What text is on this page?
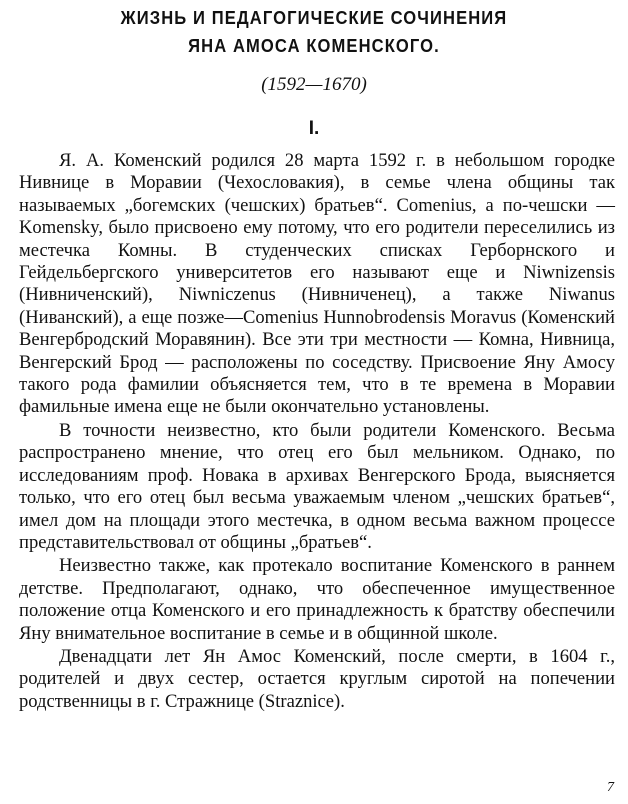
ЖИЗНЬ И ПЕДАГОГИЧЕСКИЕ СОЧИНЕНИЯ
ЯНА АМОСА КОМЕНСКОГО.
(1592—1670)
I.

Я. А. Коменский родился 28 марта 1592 г. в небольшом городке Нивнице в Моравии (Чехословакия), в семье члена общины так называемых „богемских (чешских) братьев“. Comenius, а по-чешски — Komensky, было присвоено ему потому, что его родители переселились из местечка Комны. В студенческих списках Герборнского и Гейдельбергского университетов его называют еще и Niwnizensis (Нивниченский), Niwniczenus (Нивниченец), а также Niwanus (Ниванский), а еще позже—Comenius Hunnobrodensis Moravus (Коменский Венгербродский Моравянин). Все эти три местности — Комна, Нивница, Венгерский Брод — расположены по соседству. Присвоение Яну Амосу такого рода фамилии объясняется тем, что в те времена в Моравии фамильные имена еще не были окончательно установлены.

В точности неизвестно, кто были родители Коменского. Весьма распространено мнение, что отец его был мельником. Однако, по исследованиям проф. Новака в архивах Венгерского Брода, выясняется только, что его отец был весьма уважаемым членом „чешских братьев“, имел дом на площади этого местечка, в одном весьма важном процессе представительствовал от общины „братьев“.

Неизвестно также, как протекало воспитание Коменского в раннем детстве. Предполагают, однако, что обеспеченное имущественное положение отца Коменского и его принадлежность к братству обеспечили Яну внимательное воспитание в семье и в общинной школе.

Двенадцати лет Ян Амос Коменский, после смерти, в 1604 г., родителей и двух сестер, остается круглым сиротой на попечении родственницы в г. Стражнице (Straznice).

7
